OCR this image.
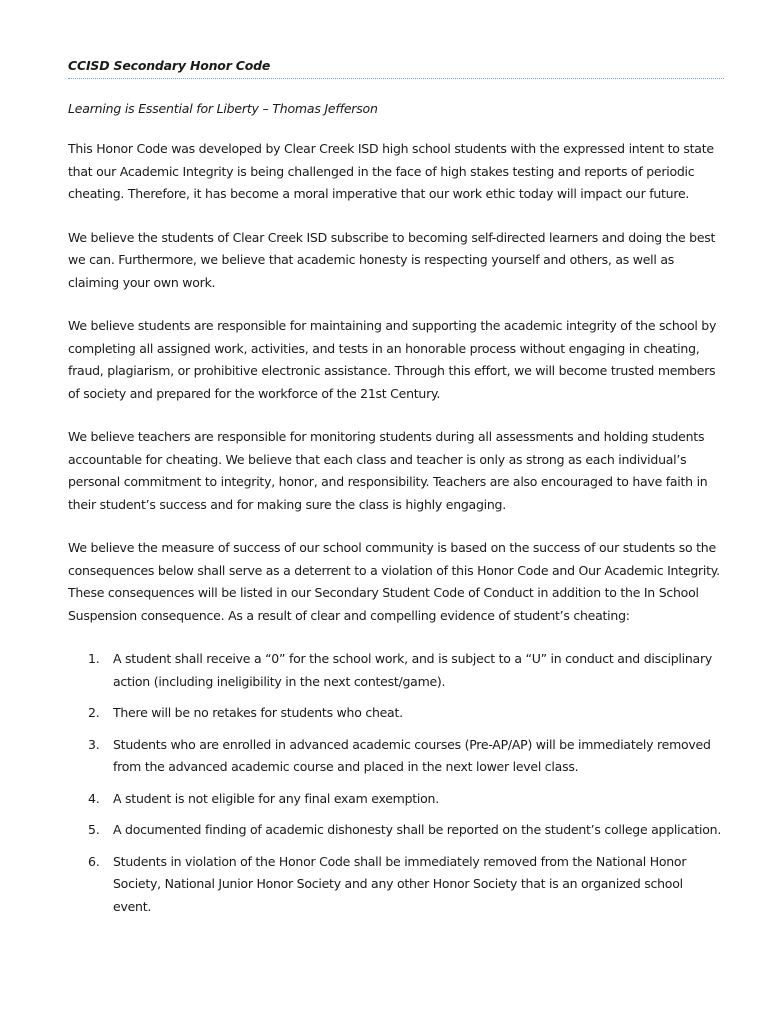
CCISD Secondary Honor Code
Learning is Essential for Liberty – Thomas Jefferson

This Honor Code was developed by Clear Creek ISD high school students with the expressed intent to state that our Academic Integrity is being challenged in the face of high stakes testing and reports of periodic cheating. Therefore, it has become a moral imperative that our work ethic today will impact our future.

We believe the students of Clear Creek ISD subscribe to becoming self-directed learners and doing the best we can. Furthermore, we believe that academic honesty is respecting yourself and others, as well as claiming your own work.

We believe students are responsible for maintaining and supporting the academic integrity of the school by completing all assigned work, activities, and tests in an honorable process without engaging in cheating, fraud, plagiarism, or prohibitive electronic assistance. Through this effort, we will become trusted members of society and prepared for the workforce of the 21st Century.

We believe teachers are responsible for monitoring students during all assessments and holding students accountable for cheating. We believe that each class and teacher is only as strong as each individual’s personal commitment to integrity, honor, and responsibility. Teachers are also encouraged to have faith in their student’s success and for making sure the class is highly engaging.

We believe the measure of success of our school community is based on the success of our students so the consequences below shall serve as a deterrent to a violation of this Honor Code and Our Academic Integrity. These consequences will be listed in our Secondary Student Code of Conduct in addition to the In School Suspension consequence. As a result of clear and compelling evidence of student’s cheating:

1. A student shall receive a “0” for the school work, and is subject to a “U” in conduct and disciplinary action (including ineligibility in the next contest/game).
2. There will be no retakes for students who cheat.
3. Students who are enrolled in advanced academic courses (Pre-AP/AP) will be immediately removed from the advanced academic course and placed in the next lower level class.
4. A student is not eligible for any final exam exemption.
5. A documented finding of academic dishonesty shall be reported on the student’s college application.
6. Students in violation of the Honor Code shall be immediately removed from the National Honor Society, National Junior Honor Society and any other Honor Society that is an organized school event.
